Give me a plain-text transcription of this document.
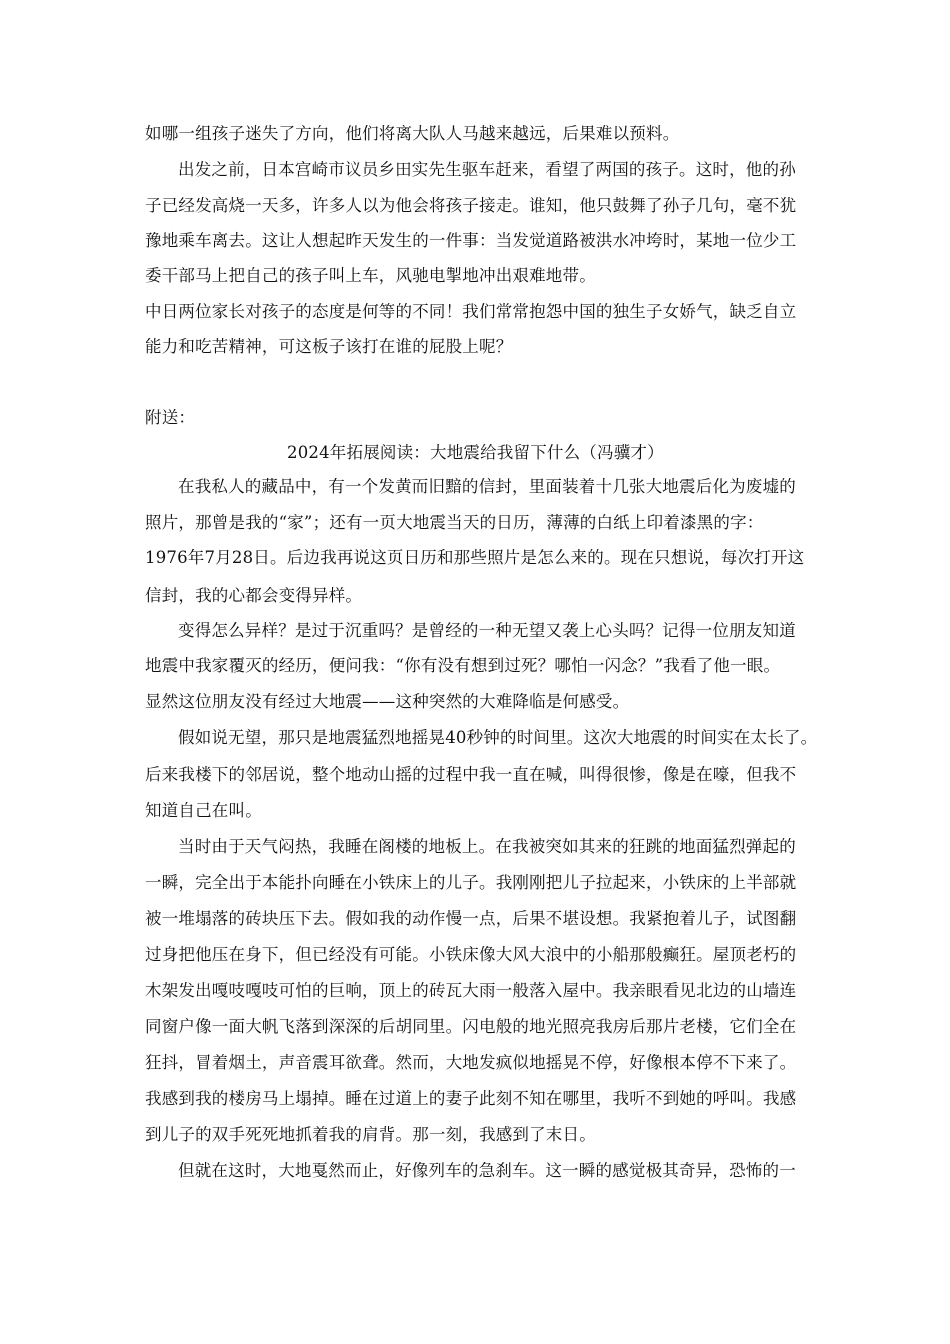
如哪一组孩子迷失了方向，他们将离大队人马越来越远，后果难以预料。
出发之前，日本宫崎市议员乡田实先生驱车赶来，看望了两国的孩子。这时，他的孙
子已经发高烧一天多，许多人以为他会将孩子接走。谁知，他只鼓舞了孙子几句，毫不犹
豫地乘车离去。这让人想起昨天发生的一件事：当发觉道路被洪水冲垮时，某地一位少工
委干部马上把自己的孩子叫上车，风驰电掣地冲出艰难地带。
中日两位家长对孩子的态度是何等的不同！我们常常抱怨中国的独生子女娇气，缺乏自立
能力和吃苦精神，可这板子该打在谁的屁股上呢？
附送：
2024年拓展阅读：大地震给我留下什么（冯骥才）
在我私人的藏品中，有一个发黄而旧黯的信封，里面装着十几张大地震后化为废墟的
照片，那曾是我的“家”；还有一页大地震当天的日历，薄薄的白纸上印着漆黑的字：
1976年7月28日。后边我再说这页日历和那些照片是怎么来的。现在只想说，每次打开这
信封，我的心都会变得异样。
变得怎么异样？是过于沉重吗？是曾经的一种无望又袭上心头吗？记得一位朋友知道
地震中我家覆灭的经历，便问我：“你有没有想到过死？哪怕一闪念？”我看了他一眼。
显然这位朋友没有经过大地震——这种突然的大难降临是何感受。
假如说无望，那只是地震猛烈地摇晃40秒钟的时间里。这次大地震的时间实在太长了。
后来我楼下的邻居说，整个地动山摇的过程中我一直在喊，叫得很惨，像是在嚎，但我不
知道自己在叫。
当时由于天气闷热，我睡在阁楼的地板上。在我被突如其来的狂跳的地面猛烈弹起的
一瞬，完全出于本能扑向睡在小铁床上的儿子。我刚刚把儿子拉起来，小铁床的上半部就
被一堆塌落的砖块压下去。假如我的动作慢一点，后果不堪设想。我紧抱着儿子，试图翻
过身把他压在身下，但已经没有可能。小铁床像大风大浪中的小船那般癫狂。屋顶老朽的
木架发出嘎吱嘎吱可怕的巨响，顶上的砖瓦大雨一般落入屋中。我亲眼看见北边的山墙连
同窗户像一面大帆飞落到深深的后胡同里。闪电般的地光照亮我房后那片老楼，它们全在
狂抖，冒着烟土，声音震耳欲聋。然而，大地发疯似地摇晃不停，好像根本停不下来了。
我感到我的楼房马上塌掉。睡在过道上的妻子此刻不知在哪里，我听不到她的呼叫。我感
到儿子的双手死死地抓着我的肩背。那一刻，我感到了末日。
但就在这时，大地戛然而止，好像列车的急刹车。这一瞬的感觉极其奇异，恐怖的一
